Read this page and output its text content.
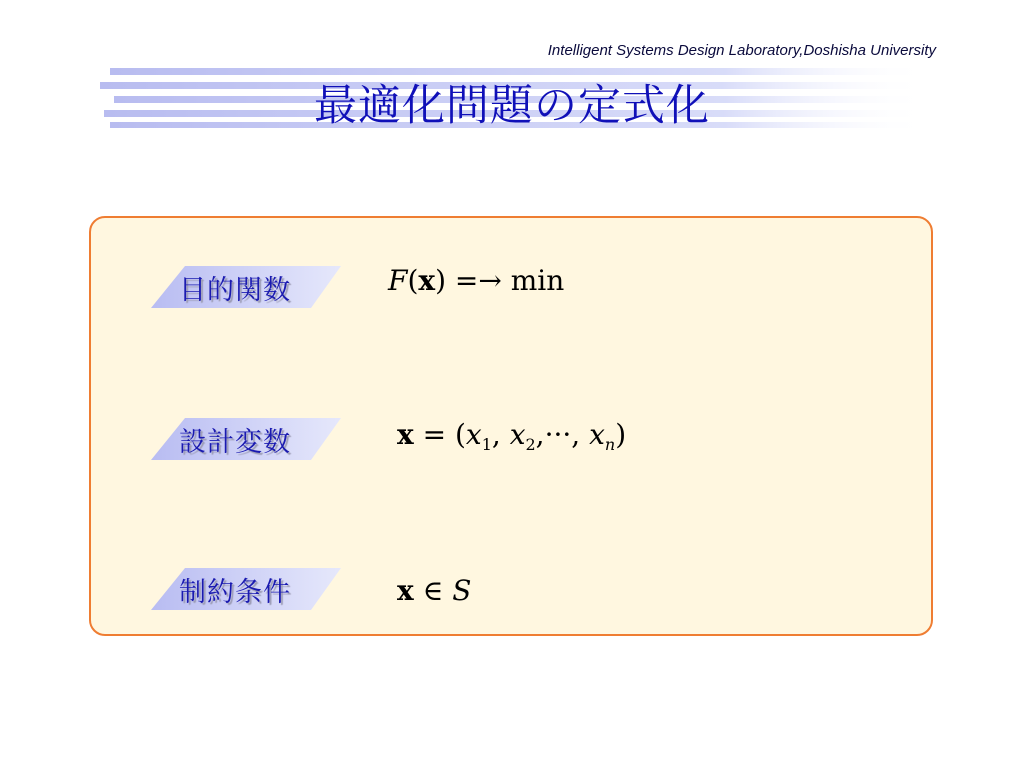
Intelligent Systems Design Laboratory,Doshisha University
最適化問題の定式化
目的関数	F(x) =→ min
設計変数	$x = (x_1$, $x_2,\cdot\cdot\cdot$, $x_n$)
制約条件	x ∈ S
